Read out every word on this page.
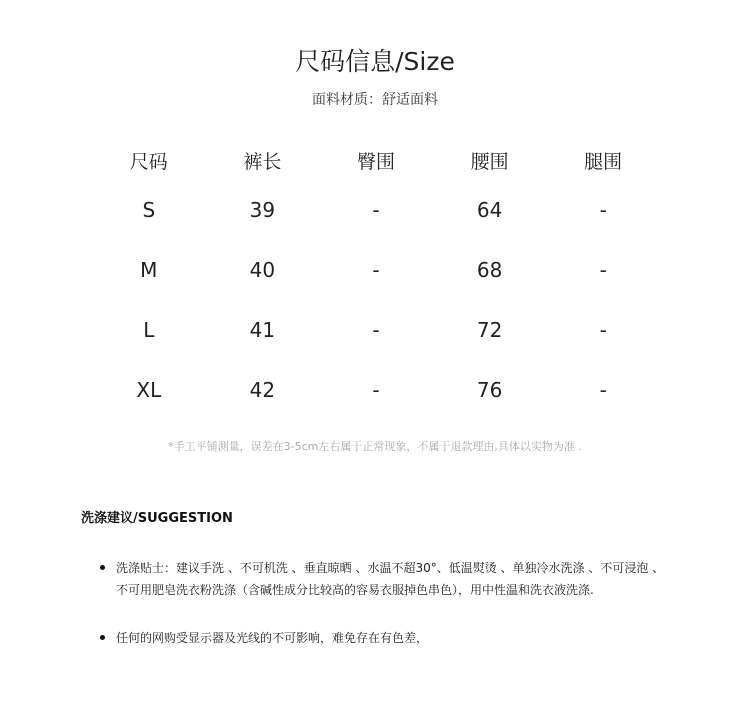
尺码信息/Size
面料材质：舒适面料
尺码	裤长	臀围	腰围	腿围
S	39	-	64	-
M	40	-	68	-
L	41	-	72	-
XL	42	-	76	-
*手工平铺测量，误差在3-5cm左右属于正常现象，不属于退款理由,具体以实物为准 .
洗涤建议/SUGGESTION
洗涤贴士：建议手洗 、不可机洗 、垂直晾晒 、水温不超30°、低温熨烫 、单独冷水洗涤 、不可浸泡 、
不可用肥皂洗衣粉洗涤（含碱性成分比较高的容易衣服掉色串色），用中性温和洗衣液洗涤.
任何的网购受显示器及光线的不可影响，难免存在有色差，
